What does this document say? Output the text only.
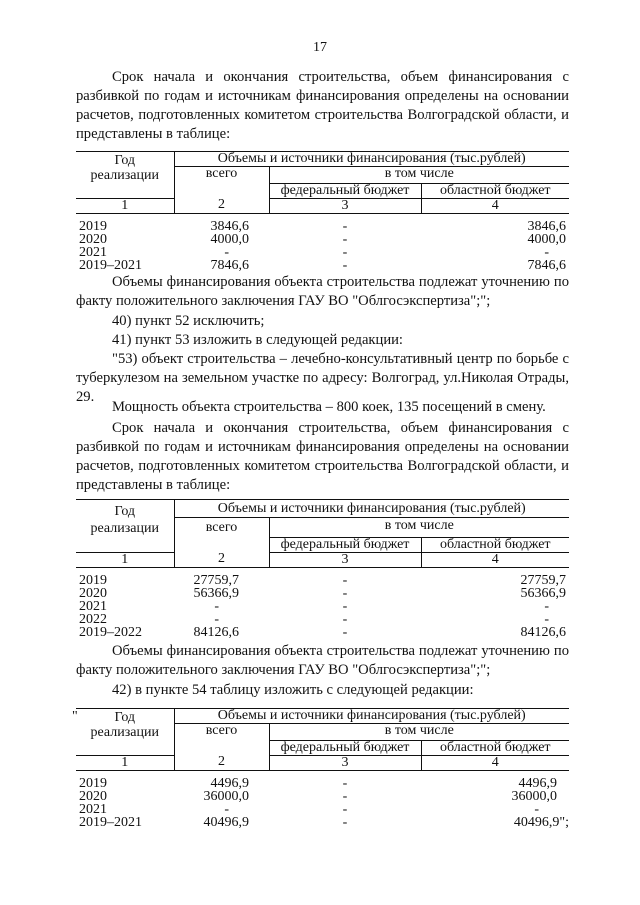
17
Срок начала и окончания строительства, объем финансирования с разбивкой по годам и источникам финансирования определены на основании расчетов, подготовленных комитетом строительства Волгоградской области, и представлены в таблице:
Год реализации	Объемы и источники финансирования (тыс.рублей)		
	всего	в том числе	
		федеральный бюджет	областной бюджет
1	2	3	4
2019	3846,6	-	3846,6
2020	4000,0	-	4000,0
2021	-	-	-
2019–2021	7846,6	-	7846,6
Объемы финансирования объекта строительства подлежат уточнению по факту положительного заключения ГАУ ВО "Облгосэкспертиза";";
40) пункт 52 исключить;
41) пункт 53 изложить в следующей редакции:
"53) объект строительства – лечебно-консультативный центр по борьбе с туберкулезом на земельном участке по адресу: Волгоград, ул.Николая Отрады, 29.
Мощность объекта строительства – 800 коек, 135 посещений в смену.
Срок начала и окончания строительства, объем финансирования с разбивкой по годам и источникам финансирования определены на основании расчетов, подготовленных комитетом строительства Волгоградской области, и представлены в таблице:
Год реализации	Объемы и источники финансирования (тыс.рублей)		
	всего	в том числе	
		федеральный бюджет	областной бюджет
1	2	3	4
2019	27759,7	-	27759,7
2020	56366,9	-	56366,9
2021	-	-	-
2022	-	-	-
2019–2022	84126,6	-	84126,6
Объемы финансирования объекта строительства подлежат уточнению по факту положительного заключения ГАУ ВО "Облгосэкспертиза";";
42) в пункте 54 таблицу изложить с следующей редакции:
"	Год реализации	Объемы и источники финансирования (тыс.рублей)		
	всего	в том числе	
		федеральный бюджет	областной бюджет
1	2	3	4
2019	4496,9	-	4496,9
2020	36000,0	-	36000,0
2021	-	-	-
2019–2021	40496,9	-	40496,9";
